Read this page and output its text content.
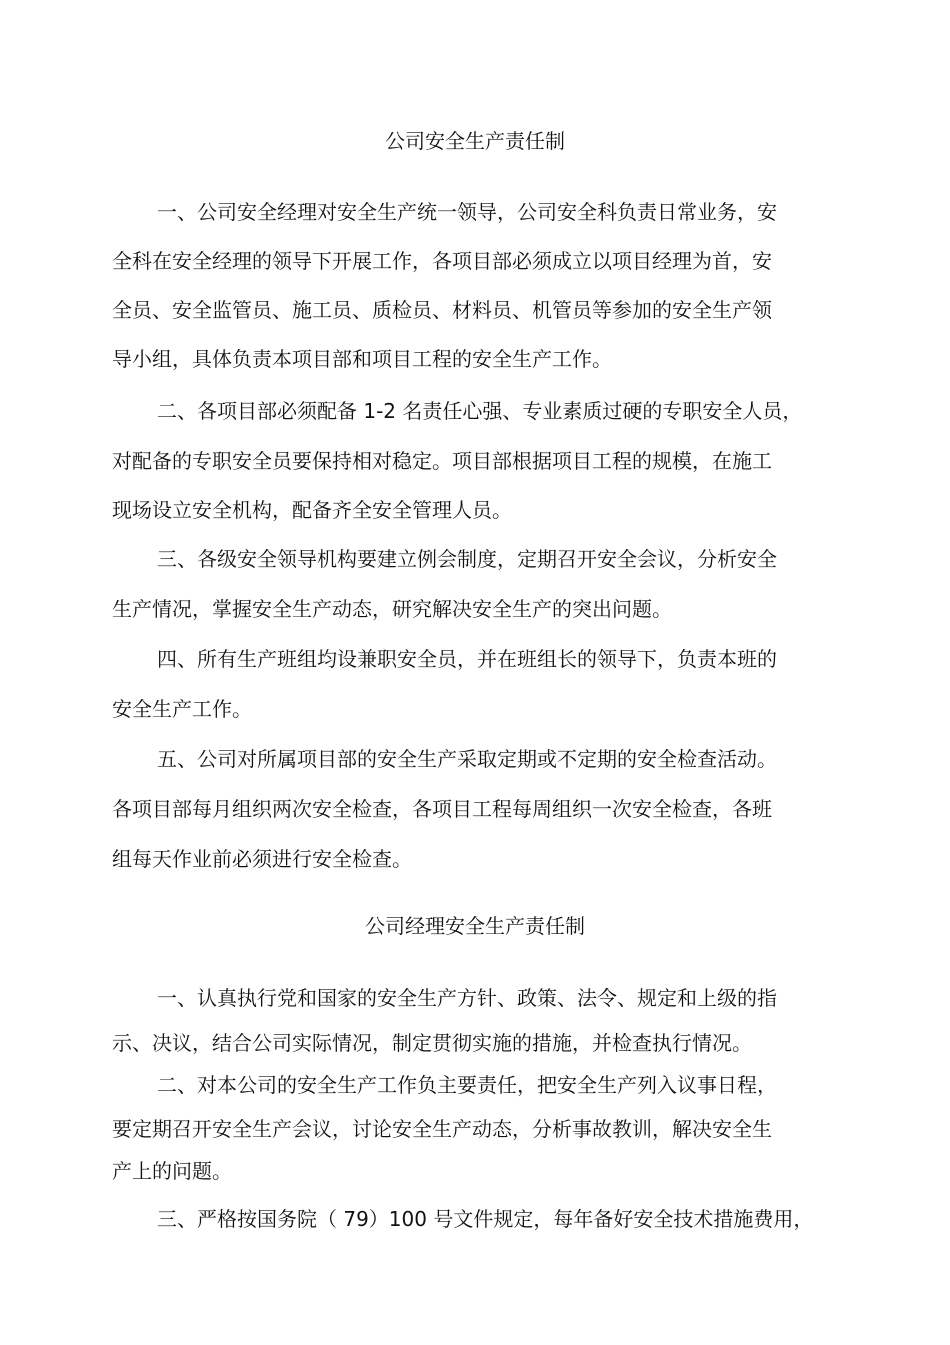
公司安全生产责任制
一、公司安全经理对安全生产统一领导，公司安全科负责日常业务，安
全科在安全经理的领导下开展工作，各项目部必须成立以项目经理为首，安
全员、安全监管员、施工员、质检员、材料员、机管员等参加的安全生产领
导小组，具体负责本项目部和项目工程的安全生产工作。
二、各项目部必须配备 1-2 名责任心强、专业素质过硬的专职安全人员，
对配备的专职安全员要保持相对稳定。项目部根据项目工程的规模，在施工
现场设立安全机构，配备齐全安全管理人员。
三、各级安全领导机构要建立例会制度，定期召开安全会议，分析安全
生产情况，掌握安全生产动态，研究解决安全生产的突出问题。
四、所有生产班组均设兼职安全员，并在班组长的领导下，负责本班的
安全生产工作。
五、公司对所属项目部的安全生产采取定期或不定期的安全检查活动。
各项目部每月组织两次安全检查，各项目工程每周组织一次安全检查，各班
组每天作业前必须进行安全检查。
公司经理安全生产责任制
一、认真执行党和国家的安全生产方针、政策、法令、规定和上级的指
示、决议，结合公司实际情况，制定贯彻实施的措施，并检查执行情况。
二、对本公司的安全生产工作负主要责任，把安全生产列入议事日程，
要定期召开安全生产会议，讨论安全生产动态，分析事故教训，解决安全生
产上的问题。
三、严格按国务院（ 79）100 号文件规定，每年备好安全技术措施费用，
